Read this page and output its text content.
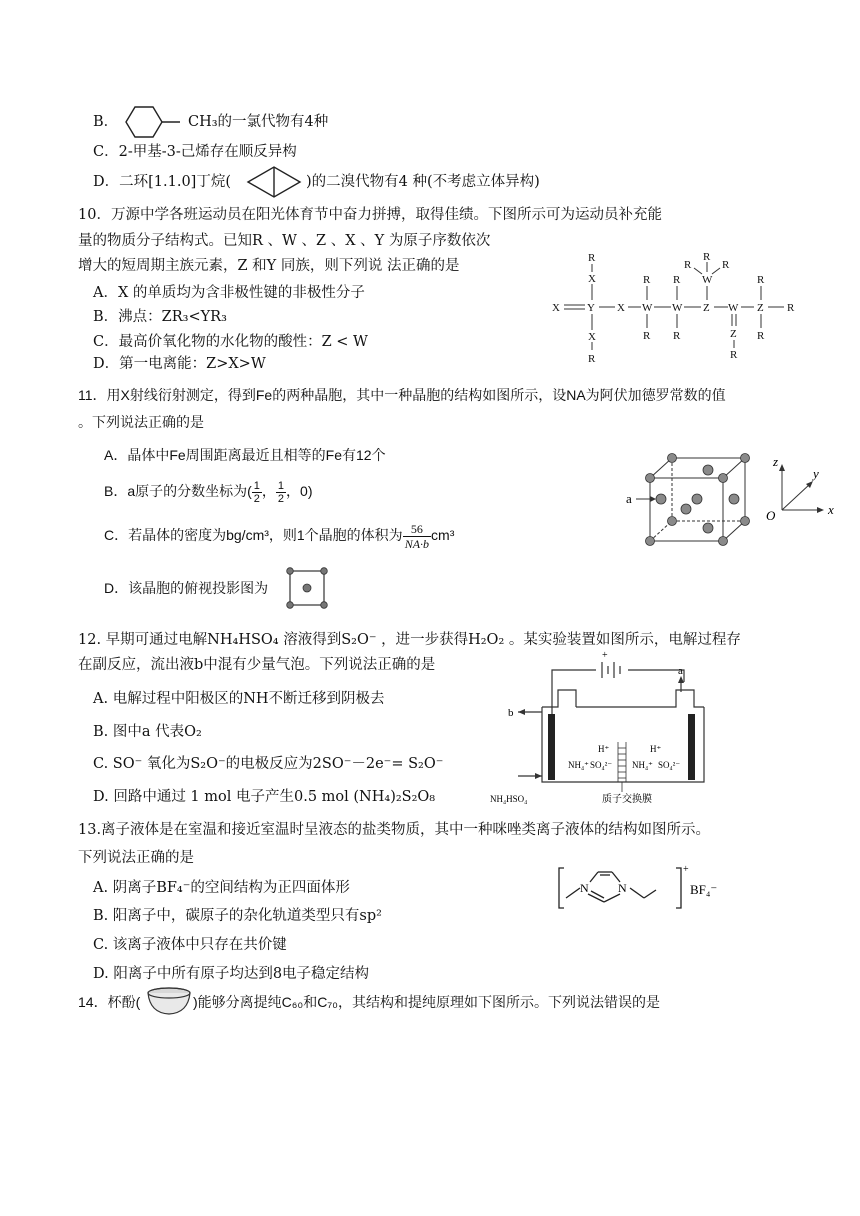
B．	CH₃的一氯代物有4种
C．2-甲基-3-己烯存在顺反异构
D．二环[1.1.0]丁烷(	)的二溴代物有4 种(不考虑立体异构)
10．万源中学各班运动员在阳光体育节中奋力拼搏，取得佳绩。下图所示可为运动员补充能
量的物质分子结构式。已知R 、W 、Z 、X 、Y 为原子序数依次
增大的短周期主族元素，Z 和Y 同族，则下列说 法正确的是
A．X 的单质均为含非极性键的非极性分子
B．沸点：ZR₃<YR₃
C．最高价氧化物的水化物的酸性：Z < W
D．第一电离能：Z>X>W
R
X
X Y X W W Z W Z R
X
R
R
R
R
R
W
R
R	R
Z
R
R
R
11．用X射线衍射测定，得到Fe的两种晶胞，其中一种晶胞的结构如图所示，设NA为阿伏加德罗常数的值
。下列说法正确的是
A．晶体中Fe周围距离最近且相等的Fe有12个
B．a原子的分数坐标为( $\frac{1}{2}$ ， $\frac{1}{2}$ ，0)
C．若晶体的密度为bg/cm³，则1个晶胞的体积为 $\frac{56}{NA\cdot b} cm^3$
D．该晶胞的俯视投影图为
a
z
y
x
O
12. 早期可通过电解NH₄HSO₄ 溶液得到S₂O⁻ ，进一步获得H₂O₂ 。某实验装置如图所示，电解过程存
在副反应，流出液b中混有少量气泡。下列说法正确的是
A. 电解过程中阳极区的NH不断迁移到阴极去
B. 图中a 代表O₂
C. SO⁻ 氧化为S₂O⁻的电极反应为2SO⁻－2e⁻= S₂O⁻
D. 回路中通过 1 mol 电子产生0.5 mol (NH₄)₂S₂O₈
b
a
+
NH₄⁺ SO₄²⁻
H⁺
NH₄⁺ SO₄²⁻
H⁺
NH₄HSO₄	质子交换膜
13.离子液体是在室温和接近室温时呈液态的盐类物质，其中一种咪唑类离子液体的结构如图所示。
下列说法正确的是
A. 阴离子BF₄⁻的空间结构为正四面体形
B. 阳离子中，碳原子的杂化轨道类型只有sp²
C. 该离子液体中只存在共价键
D. 阳离子中所有原子均达到8电子稳定结构
N N
+
BF₄⁻
14．杯酚(	)能够分离提纯C₆₀和C₇₀，其结构和提纯原理如下图所示。下列说法错误的是
